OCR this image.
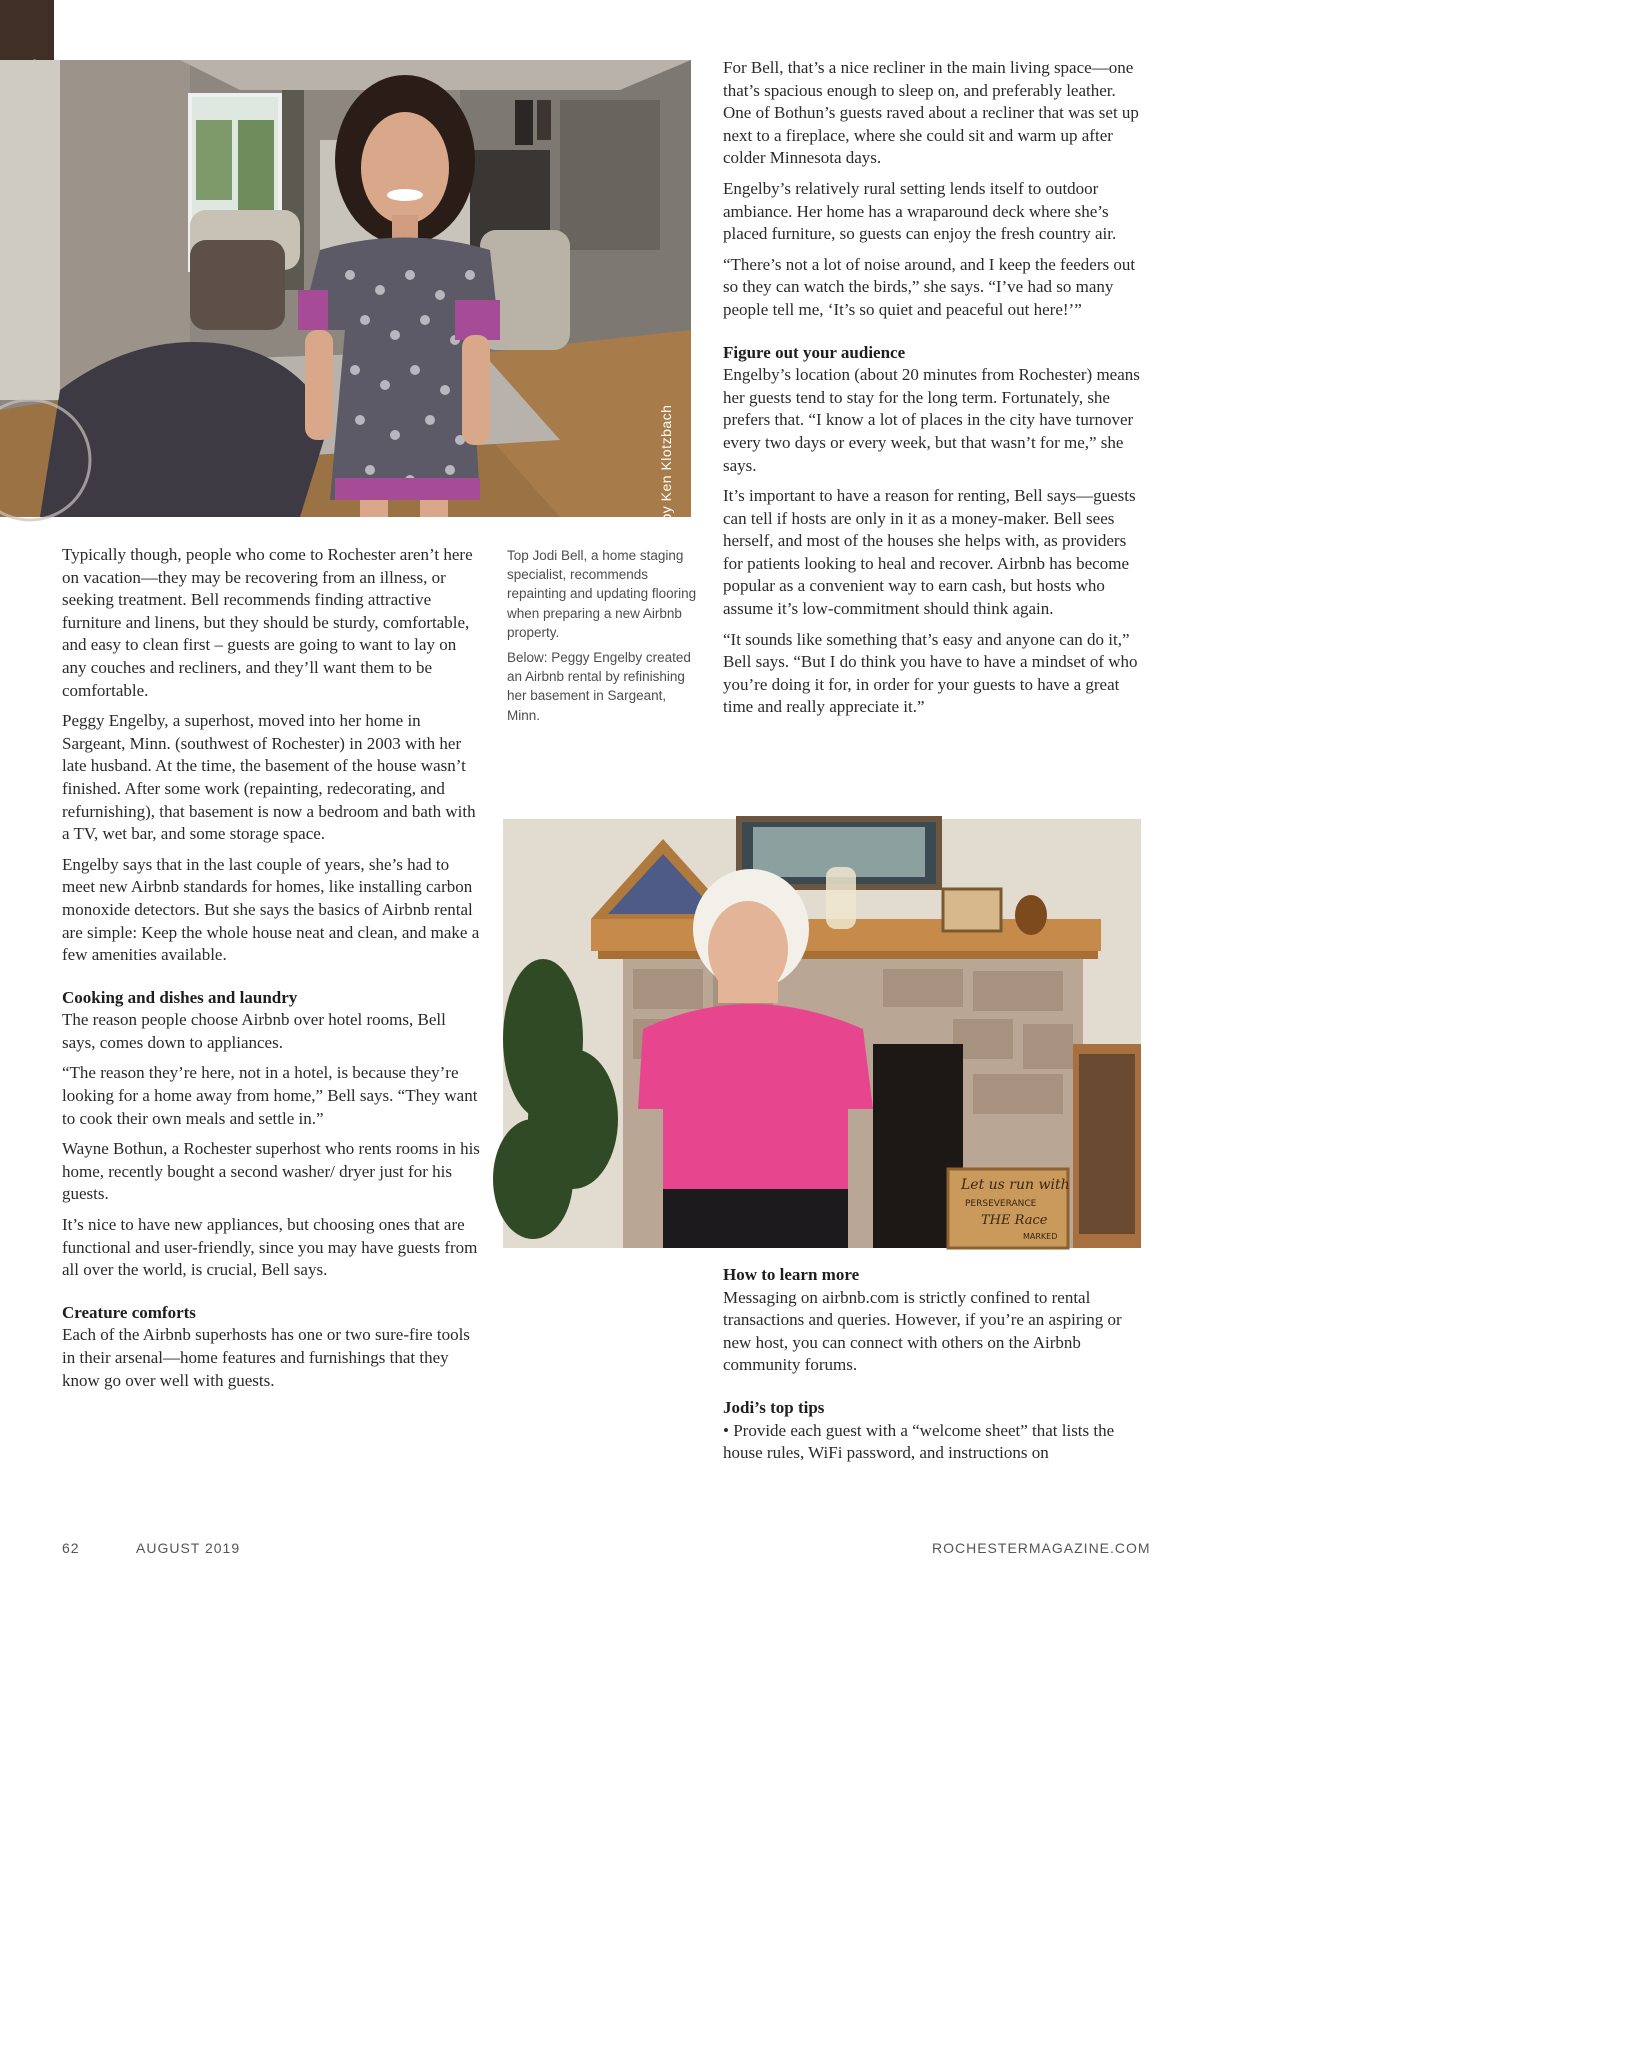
Photo by Ken Klotzbach
Let us run with
PERSEVERANCE
THE Race
MARKED
Photo by Joe Ahlquist

Top Jodi Bell, a home staging specialist, recommends repainting and updating flooring when preparing a new Airbnb property.

Below: Peggy Engelby created an Airbnb rental by refinishing her basement in Sargeant, Minn.

Typically though, people who come to Rochester aren’t here on vacation—they may be recovering from an illness, or seeking treatment. Bell recommends finding attractive furniture and linens, but they should be sturdy, comfortable, and easy to clean first – guests are going to want to lay on any couches and recliners, and they’ll want them to be comfortable.

Peggy Engelby, a superhost, moved into her home in Sargeant, Minn. (southwest of Rochester) in 2003 with her late husband. At the time, the basement of the house wasn’t finished. After some work (repainting, redecorating, and refurnishing), that basement is now a bedroom and bath with a TV, wet bar, and some storage space.

Engelby says that in the last couple of years, she’s had to meet new Airbnb standards for homes, like installing carbon monoxide detectors. But she says the basics of Airbnb rental are simple: Keep the whole house neat and clean, and make a few amenities available.

Cooking and dishes and laundry

The reason people choose Airbnb over hotel rooms, Bell says, comes down to appliances.

“The reason they’re here, not in a hotel, is because they’re looking for a home away from home,” Bell says. “They want to cook their own meals and settle in.”

Wayne Bothun, a Rochester superhost who rents rooms in his home, recently bought a second washer/ dryer just for his guests.

It’s nice to have new appliances, but choosing ones that are functional and user-friendly, since you may have guests from all over the world, is crucial, Bell says.

Creature comforts

Each of the Airbnb superhosts has one or two sure-fire tools in their arsenal—home features and furnishings that they know go over well with guests.

For Bell, that’s a nice recliner in the main living space—one that’s spacious enough to sleep on, and preferably leather. One of Bothun’s guests raved about a recliner that was set up next to a fireplace, where she could sit and warm up after colder Minnesota days.

Engelby’s relatively rural setting lends itself to outdoor ambiance. Her home has a wraparound deck where she’s placed furniture, so guests can enjoy the fresh country air.

“There’s not a lot of noise around, and I keep the feeders out so they can watch the birds,” she says. “I’ve had so many people tell me, ‘It’s so quiet and peaceful out here!’”

Figure out your audience

Engelby’s location (about 20 minutes from Rochester) means her guests tend to stay for the long term. Fortunately, she prefers that. “I know a lot of places in the city have turnover every two days or every week, but that wasn’t for me,” she says.

It’s important to have a reason for renting, Bell says—guests can tell if hosts are only in it as a money-maker. Bell sees herself, and most of the houses she helps with, as providers for patients looking to heal and recover. Airbnb has become popular as a convenient way to earn cash, but hosts who assume it’s low-commitment should think again.

“It sounds like something that’s easy and anyone can do it,” Bell says. “But I do think you have to have a mindset of who you’re doing it for, in order for your guests to have a great time and really appreciate it.”

How to learn more

Messaging on airbnb.com is strictly confined to rental transactions and queries. However, if you’re an aspiring or new host, you can connect with others on the Airbnb community forums.

Jodi’s top tips

• Provide each guest with a “welcome sheet” that lists the house rules, WiFi password, and instructions on

62	AUGUST 2019	ROCHESTERMAGAZINE.COM
